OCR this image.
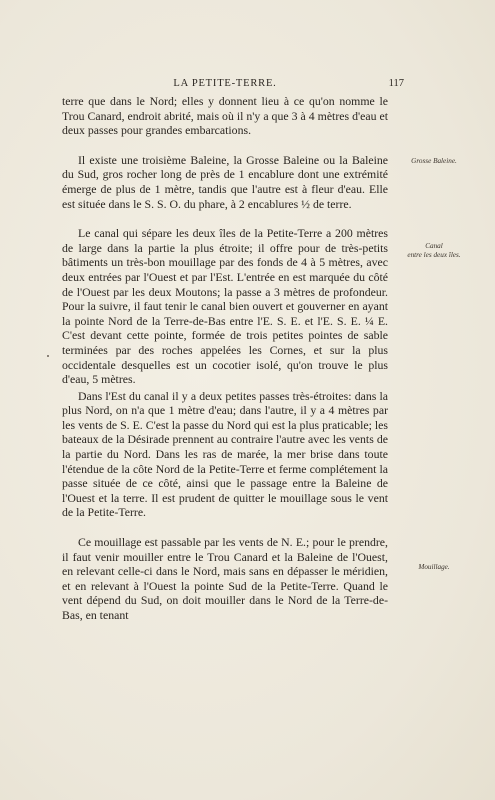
LA PETITE-TERRE.	117

terre que dans le Nord; elles y donnent lieu à ce qu'on nomme le Trou Canard, endroit abrité, mais où il n'y a que 3 à 4 mètres d'eau et deux passes pour grandes embarcations.

Il existe une troisième Baleine, la Grosse Baleine ou la Baleine du Sud, gros rocher long de près de 1 encablure dont une extrémité émerge de plus de 1 mètre, tandis que l'autre est à fleur d'eau. Elle est située dans le S. S. O. du phare, à 2 encablures ½ de terre.

Le canal qui sépare les deux îles de la Petite-Terre a 200 mètres de large dans la partie la plus étroite; il offre pour de très-petits bâtiments un très-bon mouillage par des fonds de 4 à 5 mètres, avec deux entrées par l'Ouest et par l'Est. L'entrée en est marquée du côté de l'Ouest par les deux Moutons; la passe a 3 mètres de profondeur. Pour la suivre, il faut tenir le canal bien ouvert et gouverner en ayant la pointe Nord de la Terre-de-Bas entre l'E. S. E. et l'E. S. E. ¼ E. C'est devant cette pointe, formée de trois petites pointes de sable terminées par des roches appelées les Cornes, et sur la plus occidentale desquelles est un cocotier isolé, qu'on trouve le plus d'eau, 5 mètres.

Dans l'Est du canal il y a deux petites passes très-étroites: dans la plus Nord, on n'a que 1 mètre d'eau; dans l'autre, il y a 4 mètres par les vents de S. E. C'est la passe du Nord qui est la plus praticable; les bateaux de la Désirade prennent au contraire l'autre avec les vents de la partie du Nord. Dans les ras de marée, la mer brise dans toute l'étendue de la côte Nord de la Petite-Terre et ferme complétement la passe située de ce côté, ainsi que le passage entre la Baleine de l'Ouest et la terre. Il est prudent de quitter le mouillage sous le vent de la Petite-Terre.

Ce mouillage est passable par les vents de N. E.; pour le prendre, il faut venir mouiller entre le Trou Canard et la Baleine de l'Ouest, en relevant celle-ci dans le Nord, mais sans en dépasser le méridien, et en relevant à l'Ouest la pointe Sud de la Petite-Terre. Quand le vent dépend du Sud, on doit mouiller dans le Nord de la Terre-de-Bas, en tenant

Grosse Baleine.
Canal
entre les deux îles.
Mouillage.
